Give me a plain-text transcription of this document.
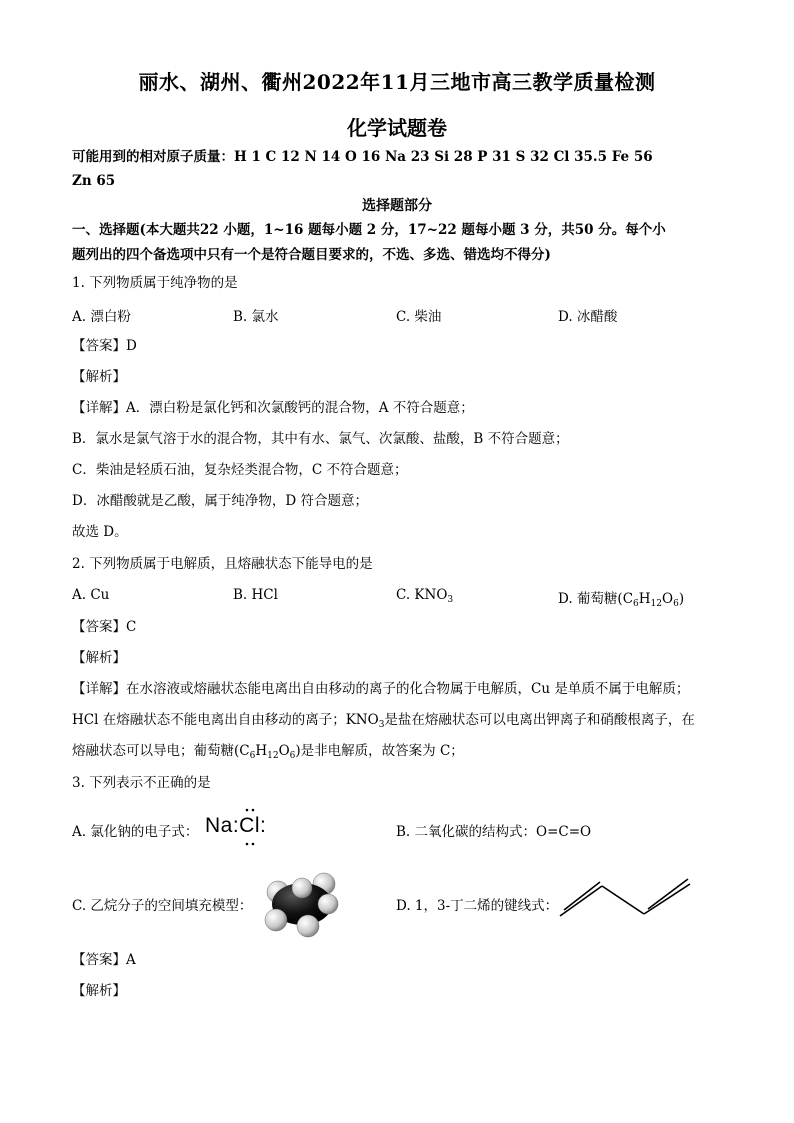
丽水、湖州、衢州2022年11月三地市高三教学质量检测
化学试题卷
可能用到的相对原子质量：H 1 C 12 N 14 O 16 Na 23 Si 28 P 31 S 32 Cl 35.5 Fe 56
Zn 65
选择题部分
一、选择题(本大题共22 小题，1~16 题每小题 2 分，17~22 题每小题 3 分，共50 分。每个小
题列出的四个备选项中只有一个是符合题目要求的，不选、多选、错选均不得分)
1. 下列物质属于纯净物的是
A. 漂白粉	B. 氯水	C. 柴油	D. 冰醋酸
【答案】D
【解析】
【详解】A．漂白粉是氯化钙和次氯酸钙的混合物，A 不符合题意；
B．氯水是氯气溶于水的混合物，其中有水、氯气、次氯酸、盐酸，B 不符合题意；
C．柴油是轻质石油，复杂烃类混合物，C 不符合题意；
D．冰醋酸就是乙酸，属于纯净物，D 符合题意；
故选 D。
2. 下列物质属于电解质，且熔融状态下能导电的是
A. Cu	B. HCl	C. $KNO_3$	D. 葡萄糖$(C_6H_{12}O_6)$
【答案】C
【解析】
【详解】在水溶液或熔融状态能电离出自由移动的离子的化合物属于电解质，Cu 是单质不属于电解质；
HCl 在熔融状态不能电离出自由移动的离子；$KNO_3$是盐在熔融状态可以电离出钾离子和硝酸根离子，在
熔融状态可以导电；葡萄糖$(C_6H_{12}O_6)$是非电解质，故答案为 C；
3. 下列表示不正确的是
A. 氯化钠的电子式： Na:Cl:	B. 二氧化碳的结构式：O=C=O
C. 乙烷分子的空间填充模型：	D. 1，3-丁二烯的键线式：
【答案】A
【解析】
